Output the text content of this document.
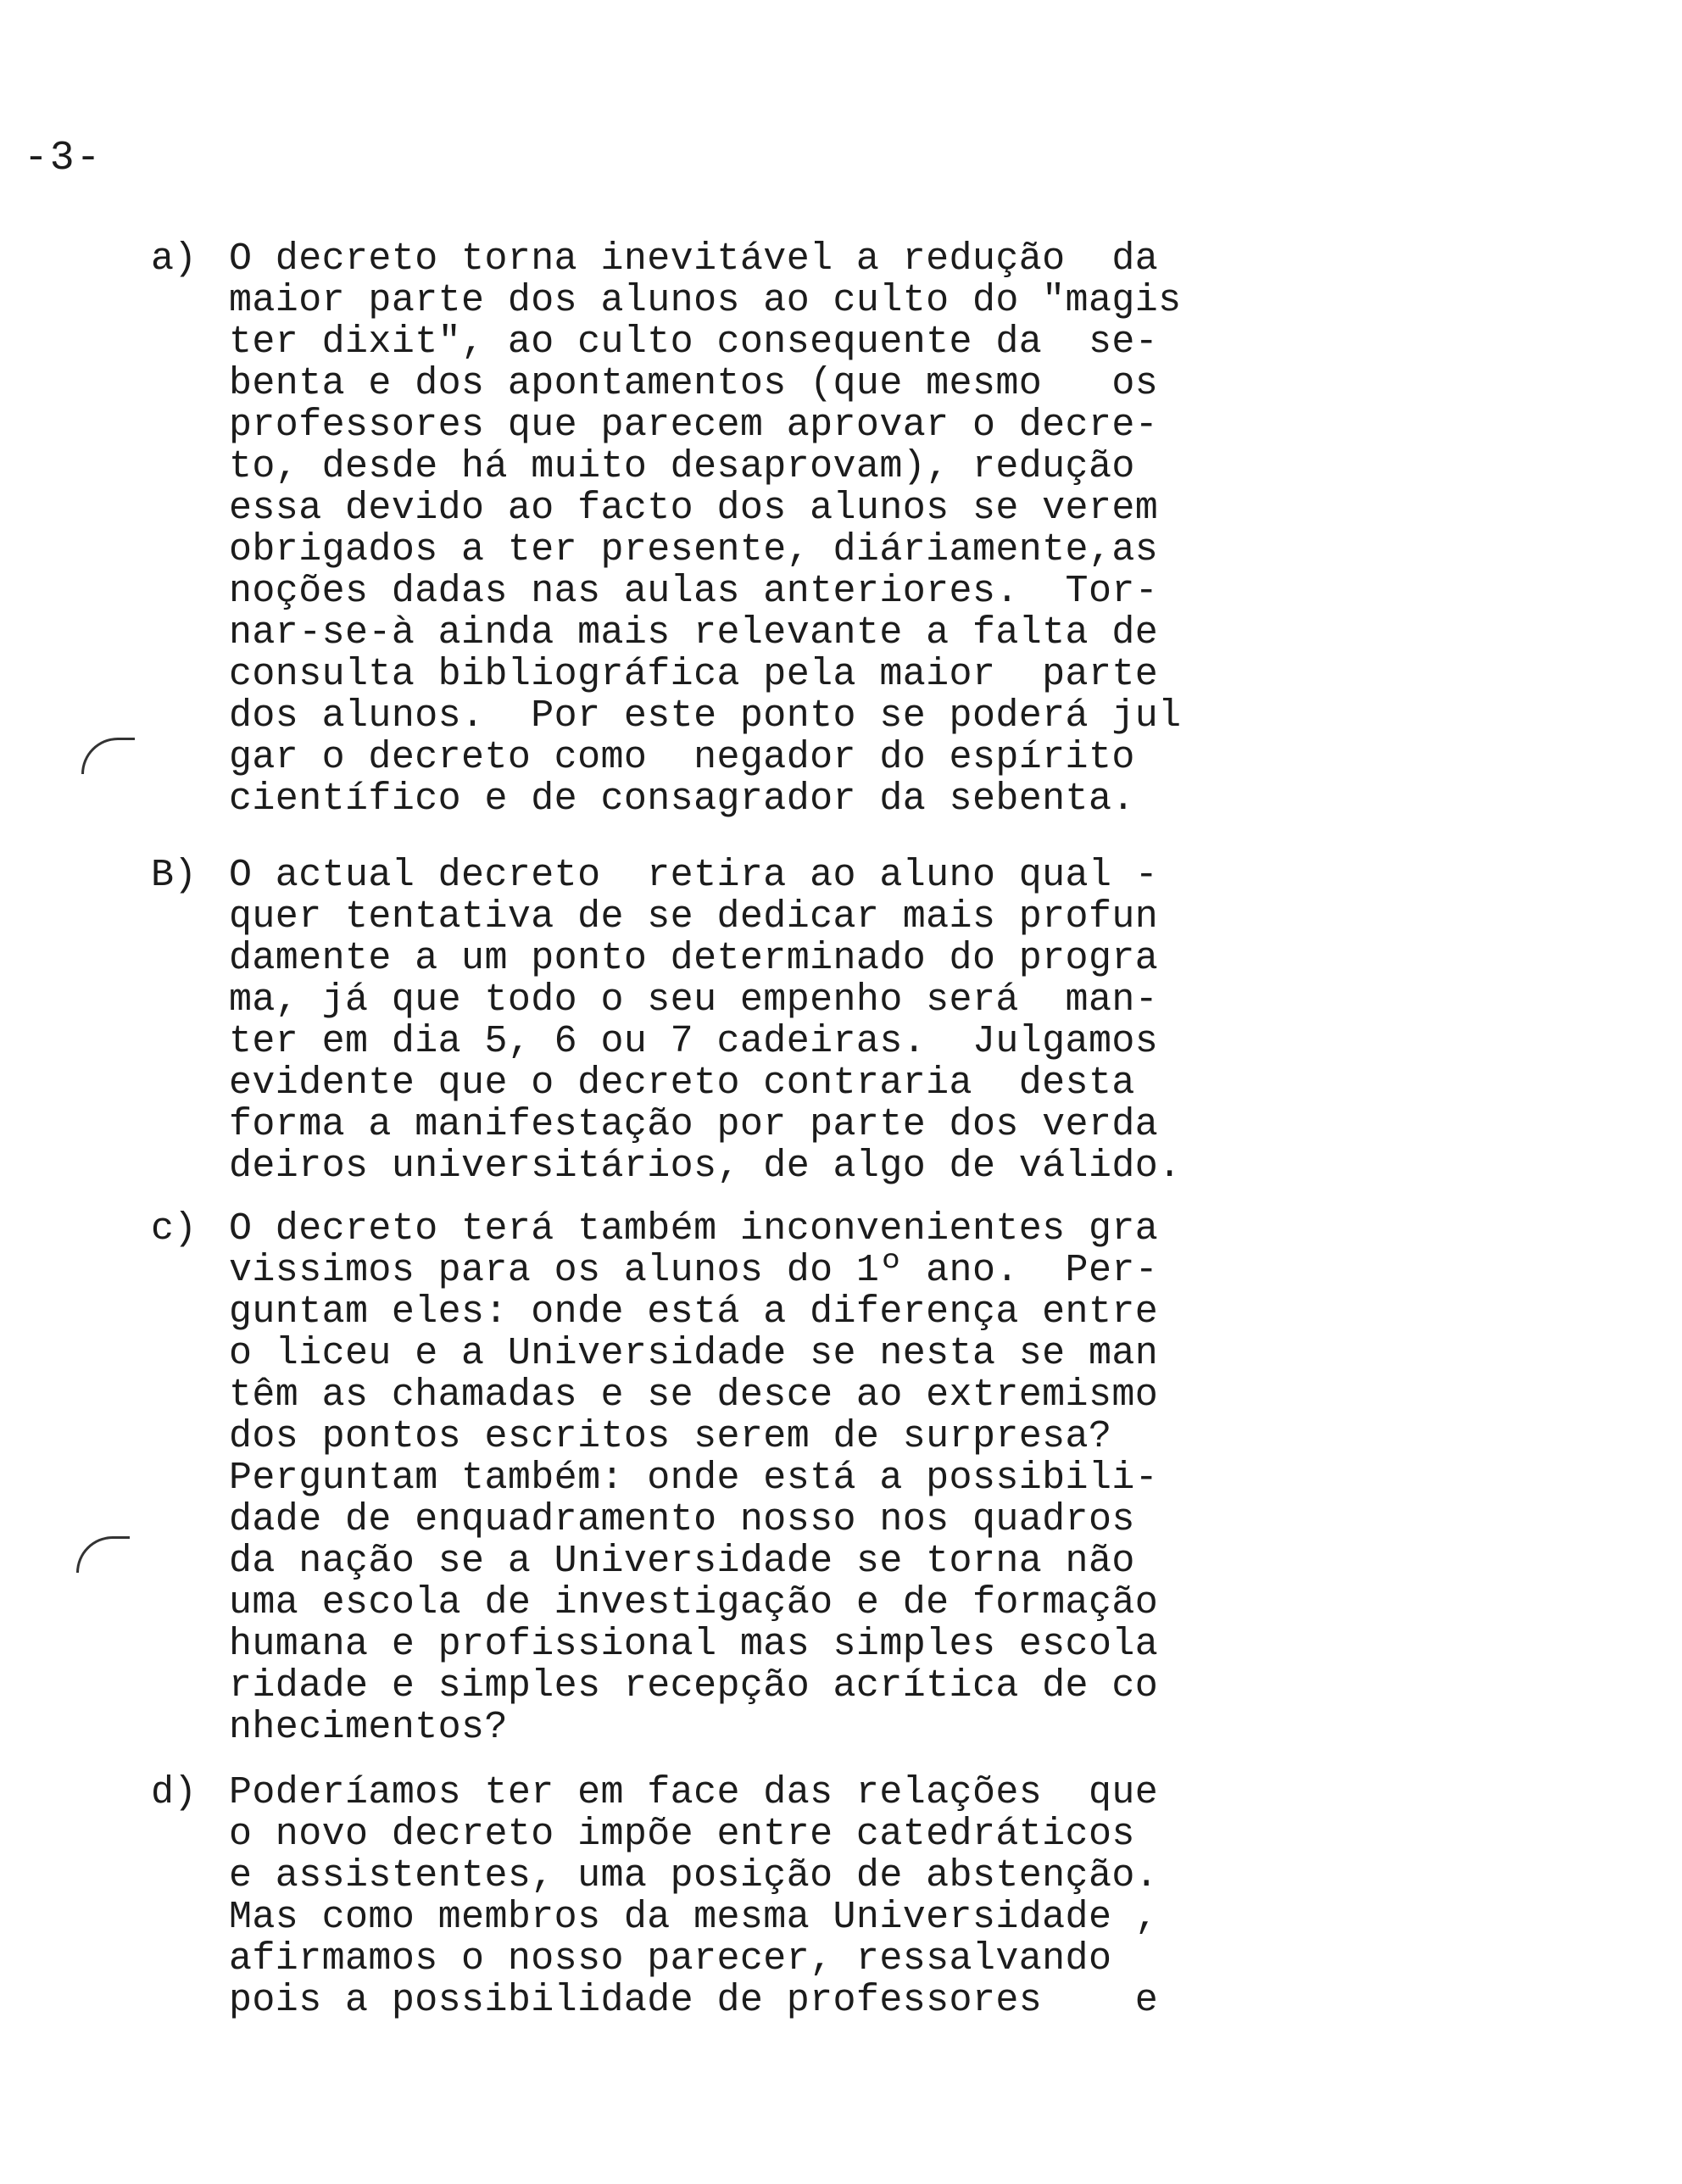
-3-
a) O decreto torna inevitável a redução  da
maior parte dos alunos ao culto do "magis
ter dixit", ao culto consequente da  se-
benta e dos apontamentos (que mesmo   os
professores que parecem aprovar o decre-
to, desde há muito desaprovam), redução
essa devido ao facto dos alunos se verem
obrigados a ter presente, diáriamente,as
noções dadas nas aulas anteriores.  Tor-
nar-se-à ainda mais relevante a falta de
consulta bibliográfica pela maior  parte
dos alunos.  Por este ponto se poderá jul
gar o decreto como  negador do espírito
científico e de consagrador da sebenta.
B) O actual decreto  retira ao aluno qual -
quer tentativa de se dedicar mais profun
damente a um ponto determinado do progra
ma, já que todo o seu empenho será  man-
ter em dia 5, 6 ou 7 cadeiras.  Julgamos
evidente que o decreto contraria  desta
forma a manifestação por parte dos verda
deiros universitários, de algo de válido.
c) O decreto terá também inconvenientes gra
vissimos para os alunos do 1º ano.  Per-
guntam eles: onde está a diferença entre
o liceu e a Universidade se nesta se man
têm as chamadas e se desce ao extremismo
dos pontos escritos serem de surpresa?
Perguntam também: onde está a possibili-
dade de enquadramento nosso nos quadros
da nação se a Universidade se torna não
uma escola de investigação e de formação
humana e profissional mas simples escola
ridade e simples recepção acrítica de co
nhecimentos?
d) Poderíamos ter em face das relações  que
o novo decreto impõe entre catedráticos
e assistentes, uma posição de abstenção.
Mas como membros da mesma Universidade ,
afirmamos o nosso parecer, ressalvando
pois a possibilidade de professores    e
